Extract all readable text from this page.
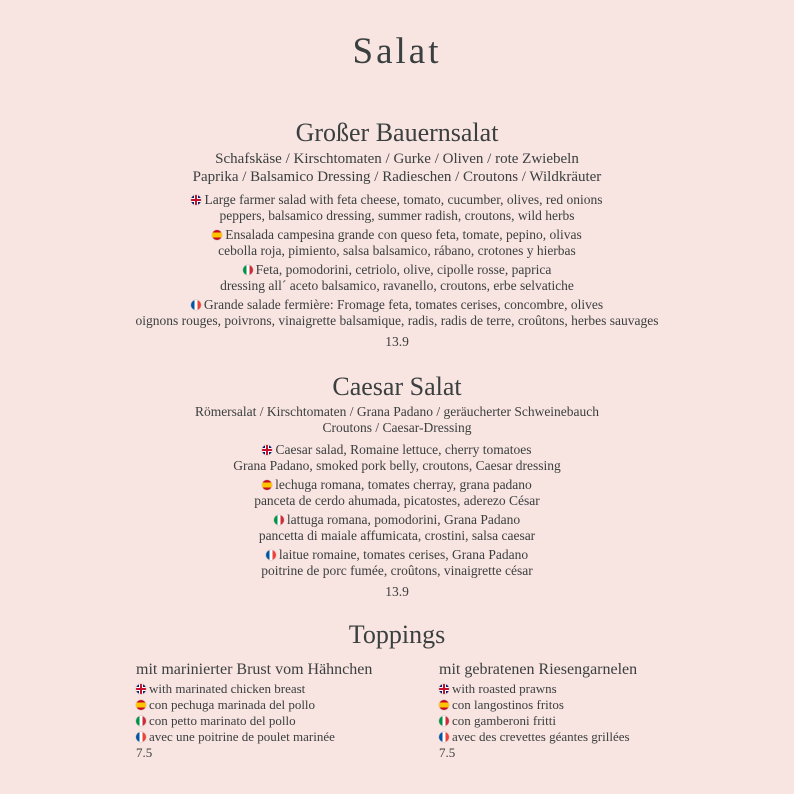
Salat
Großer Bauernsalat
Schafskäse / Kirschtomaten / Gurke / Oliven / rote Zwiebeln
Paprika / Balsamico Dressing / Radieschen / Croutons / Wildkräuter
Large farmer salad with feta cheese, tomato, cucumber, olives, red onions
peppers, balsamico dressing, summer radish, croutons, wild herbs
Ensalada campesina grande con queso feta, tomate, pepino, olivas
cebolla roja, pimiento, salsa balsamico, rábano, crotones y hierbas
Feta, pomodorini, cetriolo, olive, cipolle rosse, paprica
dressing all´ aceto balsamico, ravanello, croutons, erbe selvatiche
Grande salade fermière: Fromage feta, tomates cerises, concombre, olives
oignons rouges, poivrons, vinaigrette balsamique, radis, radis de terre, croûtons, herbes sauvages
13.9
Caesar Salat
Römersalat / Kirschtomaten / Grana Padano / geräucherter Schweinebauch
Croutons / Caesar-Dressing
Caesar salad, Romaine lettuce, cherry tomatoes
Grana Padano, smoked pork belly, croutons, Caesar dressing
lechuga romana, tomates cherray, grana padano
panceta de cerdo ahumada, picatostes, aderezo César
lattuga romana, pomodorini, Grana Padano
pancetta di maiale affumicata, crostini, salsa caesar
laitue romaine, tomates cerises, Grana Padano
poitrine de porc fumée, croûtons, vinaigrette césar
13.9
Toppings
mit marinierter Brust vom Hähnchen
with marinated chicken breast
con pechuga marinada del pollo
con petto marinato del pollo
avec une poitrine de poulet marinée
7.5
mit gebratenen Riesengarnelen
with roasted prawns
con langostinos fritos
con gamberoni fritti
avec des crevettes géantes grillées
7.5
